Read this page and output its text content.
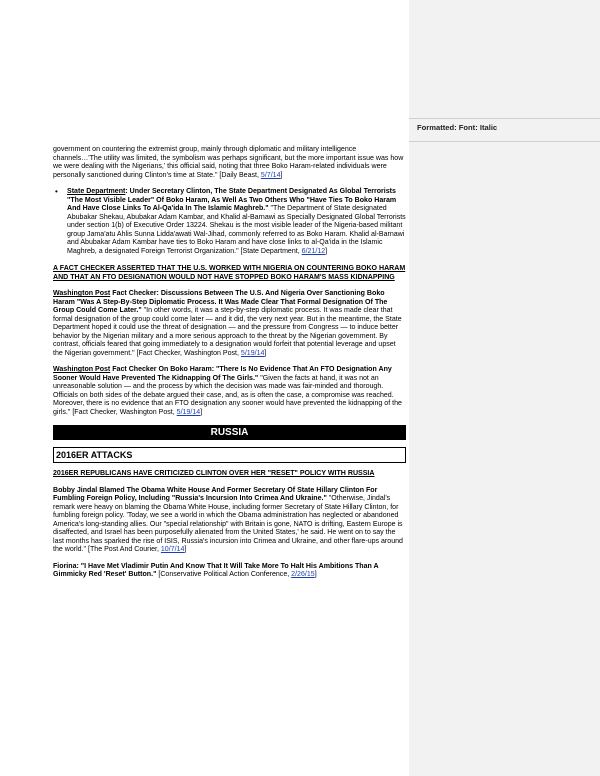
Formatted: Font: Italic

government on countering the extremist group, mainly through diplomatic and military intelligence channels…'The utility was limited, the symbolism was perhaps significant, but the more important issue was how we were dealing with the Nigerians,' this official said, noting that three Boko Haram-related individuals were personally sanctioned during Clinton's time at State." [Daily Beast, 5/7/14]

• State Department: Under Secretary Clinton, The State Department Designated As Global Terrorists "The Most Visible Leader" Of Boko Haram, As Well As Two Others Who "Have Ties To Boko Haram And Have Close Links To Al-Qa'ida In The Islamic Maghreb." "The Department of State designated Abubakar Shekau, Abubakar Adam Kambar, and Khalid al-Barnawi as Specially Designated Global Terrorists under section 1(b) of Executive Order 13224. Shekau is the most visible leader of the Nigeria-based militant group Jama'atu Ahlis Sunna Lidda'awati Wal-Jihad, commonly referred to as Boko Haram. Khalid al-Barnawi and Abubakar Adam Kambar have ties to Boko Haram and have close links to al-Qa'ida in the Islamic Maghreb, a designated Foreign Terrorist Organization." [State Department, 6/21/12]
A FACT CHECKER ASSERTED THAT THE U.S. WORKED WITH NIGERIA ON COUNTERING BOKO HARAM AND THAT AN FTO DESIGNATION WOULD NOT HAVE STOPPED BOKO HARAM'S MASS KIDNAPPING

Washington Post Fact Checker: Discussions Between The U.S. And Nigeria Over Sanctioning Boko Haram "Was A Step-By-Step Diplomatic Process. It Was Made Clear That Formal Designation Of The Group Could Come Later." "In other words, it was a step-by-step diplomatic process. It was made clear that formal designation of the group could come later — and it did, the very next year. But in the meantime, the State Department hoped it could use the threat of designation — and the pressure from Congress — to induce better behavior by the Nigerian military and a more serious approach to the threat by the Nigerian government. By contrast, officials feared that going immediately to a designation would forfeit that potential leverage and upset the Nigerian government." [Fact Checker, Washington Post, 5/19/14]

Washington Post Fact Checker On Boko Haram: "There Is No Evidence That An FTO Designation Any Sooner Would Have Prevented The Kidnapping Of The Girls." "Given the facts at hand, it was not an unreasonable solution — and the process by which the decision was made was fair-minded and thorough. Officials on both sides of the debate argued their case, and, as is often the case, a compromise was reached. Moreover, there is no evidence that an FTO designation any sooner would have prevented the kidnapping of the girls." [Fact Checker, Washington Post, 5/19/14]

RUSSIA
2016ER ATTACKS
2016ER REPUBLICANS HAVE CRITICIZED CLINTON OVER HER "RESET" POLICY WITH RUSSIA

Bobby Jindal Blamed The Obama White House And Former Secretary Of State Hillary Clinton For Fumbling Foreign Policy, Including "Russia's Incursion Into Crimea And Ukraine." "Otherwise, Jindal's remark were heavy on blaming the Obama White House, including former Secretary of State Hillary Clinton, for fumbling foreign policy. 'Today, we see a world in which the Obama administration has neglected or abandoned America's long-standing allies. Our "special relationship" with Britain is gone, NATO is drifting, Eastern Europe is disaffected, and Israel has been purposefully alienated from the United States,' he said. He went on to say the last months has sparked the rise of ISIS, Russia's incursion into Crimea and Ukraine, and other flare-ups around the world." [The Post And Courier, 10/7/14]

Fiorina: "I Have Met Vladimir Putin And Know That It Will Take More To Halt His Ambitions Than A Gimmicky Red 'Reset' Button." [Conservative Political Action Conference, 2/26/15]
